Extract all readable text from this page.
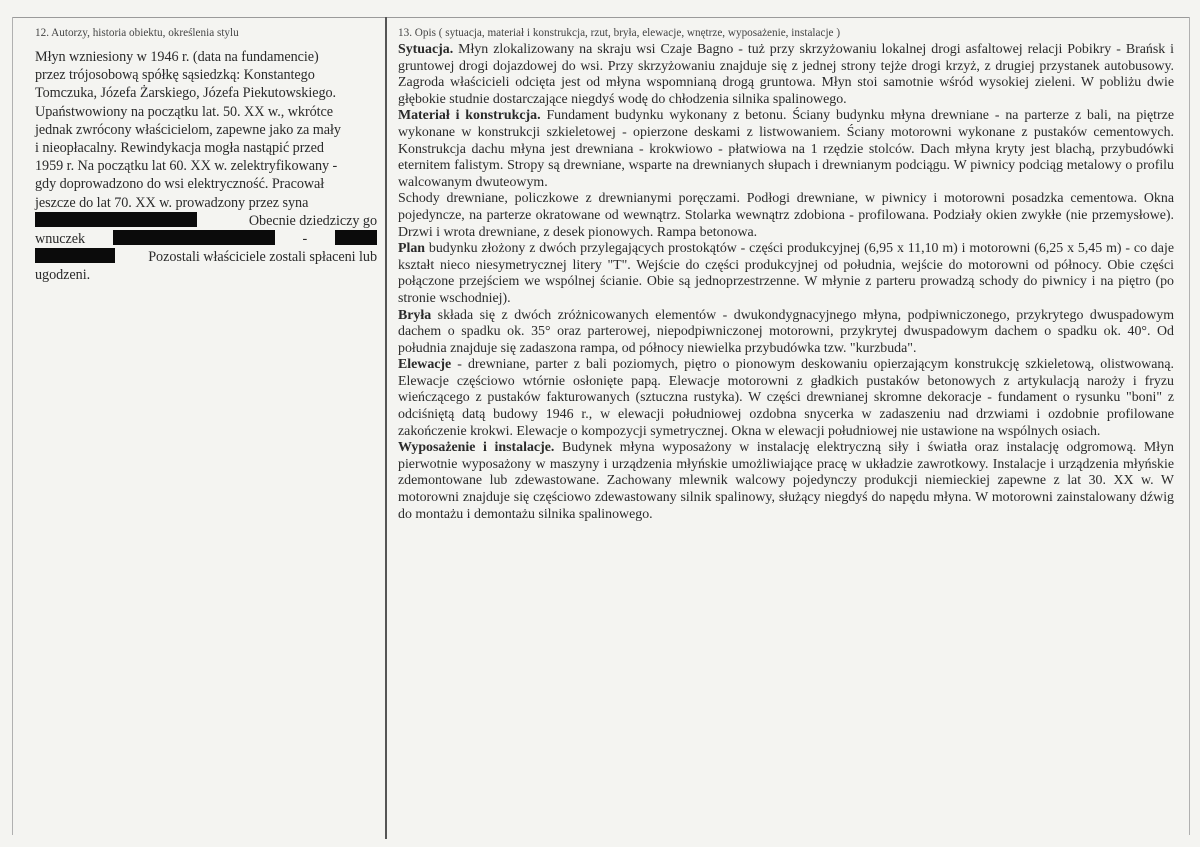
12. Autorzy, historia obiektu, określenia stylu
Młyn wzniesiony w 1946 r. (data na fundamencie)
przez trójosobową spółkę sąsiedzką: Konstantego
Tomczuka, Józefa Żarskiego, Józefa Piekutowskiego.
Upaństwowiony na początku lat. 50. XX w., wkrótce
jednak zwrócony właścicielom, zapewne jako za mały
i nieopłacalny. Rewindykacja mogła nastąpić przed
1959 r. Na początku lat 60. XX w. zelektryfikowany -
gdy doprowadzono do wsi elektryczność. Pracował
jeszcze do lat 70. XX w. prowadzony przez syna
Obecnie dziedziczy go
wnuczek	-
Pozostali właściciele zostali spłaceni lub
ugodzeni.
13. Opis ( sytuacja, materiał i konstrukcja, rzut, bryła, elewacje, wnętrze, wyposażenie, instalacje )

Sytuacja. Młyn zlokalizowany na skraju wsi Czaje Bagno - tuż przy skrzyżowaniu lokalnej drogi asfaltowej relacji Pobikry - Brańsk i gruntowej drogi dojazdowej do wsi. Przy skrzyżowaniu znajduje się z jednej strony tejże drogi krzyż, z drugiej przystanek autobusowy. Zagroda właścicieli odcięta jest od młyna wspomnianą drogą gruntowa. Młyn stoi samotnie wśród wysokiej zieleni. W pobliżu dwie głębokie studnie dostarczające niegdyś wodę do chłodzenia silnika spalinowego.

Materiał i konstrukcja. Fundament budynku wykonany z betonu. Ściany budynku młyna drewniane - na parterze z bali, na piętrze wykonane w konstrukcji szkieletowej - opierzone deskami z listwowaniem. Ściany motorowni wykonane z pustaków cementowych. Konstrukcja dachu młyna jest drewniana - krokwiowo - płatwiowa na 1 rzędzie stolców. Dach młyna kryty jest blachą, przybudówki eternitem falistym. Stropy są drewniane, wsparte na drewnianych słupach i drewnianym podciągu. W piwnicy podciąg metalowy o profilu walcowanym dwuteowym.

Schody drewniane, policzkowe z drewnianymi poręczami. Podłogi drewniane, w piwnicy i motorowni posadzka cementowa. Okna pojedyncze, na parterze okratowane od wewnątrz. Stolarka wewnątrz zdobiona - profilowana. Podziały okien zwykłe (nie przemysłowe). Drzwi i wrota drewniane, z desek pionowych. Rampa betonowa.

Plan budynku złożony z dwóch przylegających prostokątów - części produkcyjnej (6,95 x 11,10 m) i motorowni (6,25 x 5,45 m) - co daje kształt nieco niesymetrycznej litery "T". Wejście do części produkcyjnej od południa, wejście do motorowni od północy. Obie części połączone przejściem we wspólnej ścianie. Obie są jednoprzestrzenne. W młynie z parteru prowadzą schody do piwnicy i na piętro (po stronie wschodniej).

Bryła składa się z dwóch zróżnicowanych elementów - dwukondygnacyjnego młyna, podpiwniczonego, przykrytego dwuspadowym dachem o spadku ok. 35° oraz parterowej, niepodpiwniczonej motorowni, przykrytej dwuspadowym dachem o spadku ok. 40°. Od południa znajduje się zadaszona rampa, od północy niewielka przybudówka tzw. "kurzbuda".

Elewacje - drewniane, parter z bali poziomych, piętro o pionowym deskowaniu opierzającym konstrukcję szkieletową, olistwowaną. Elewacje częściowo wtórnie osłonięte papą. Elewacje motorowni z gładkich pustaków betonowych z artykulacją naroży i fryzu wieńczącego z pustaków fakturowanych (sztuczna rustyka). W części drewnianej skromne dekoracje - fundament o rysunku "boni" z odciśniętą datą budowy 1946 r., w elewacji południowej ozdobna snycerka w zadaszeniu nad drzwiami i ozdobnie profilowane zakończenie krokwi. Elewacje o kompozycji symetrycznej. Okna w elewacji południowej nie ustawione na wspólnych osiach.

Wyposażenie i instalacje. Budynek młyna wyposażony w instalację elektryczną siły i światła oraz instalację odgromową. Młyn pierwotnie wyposażony w maszyny i urządzenia młyńskie umożliwiające pracę w układzie zawrotkowy. Instalacje i urządzenia młyńskie zdemontowane lub zdewastowane. Zachowany mlewnik walcowy pojedynczy produkcji niemieckiej zapewne z lat 30. XX w. W motorowni znajduje się częściowo zdewastowany silnik spalinowy, służący niegdyś do napędu młyna. W motorowni zainstalowany dźwig do montażu i demontażu silnika spalinowego.
